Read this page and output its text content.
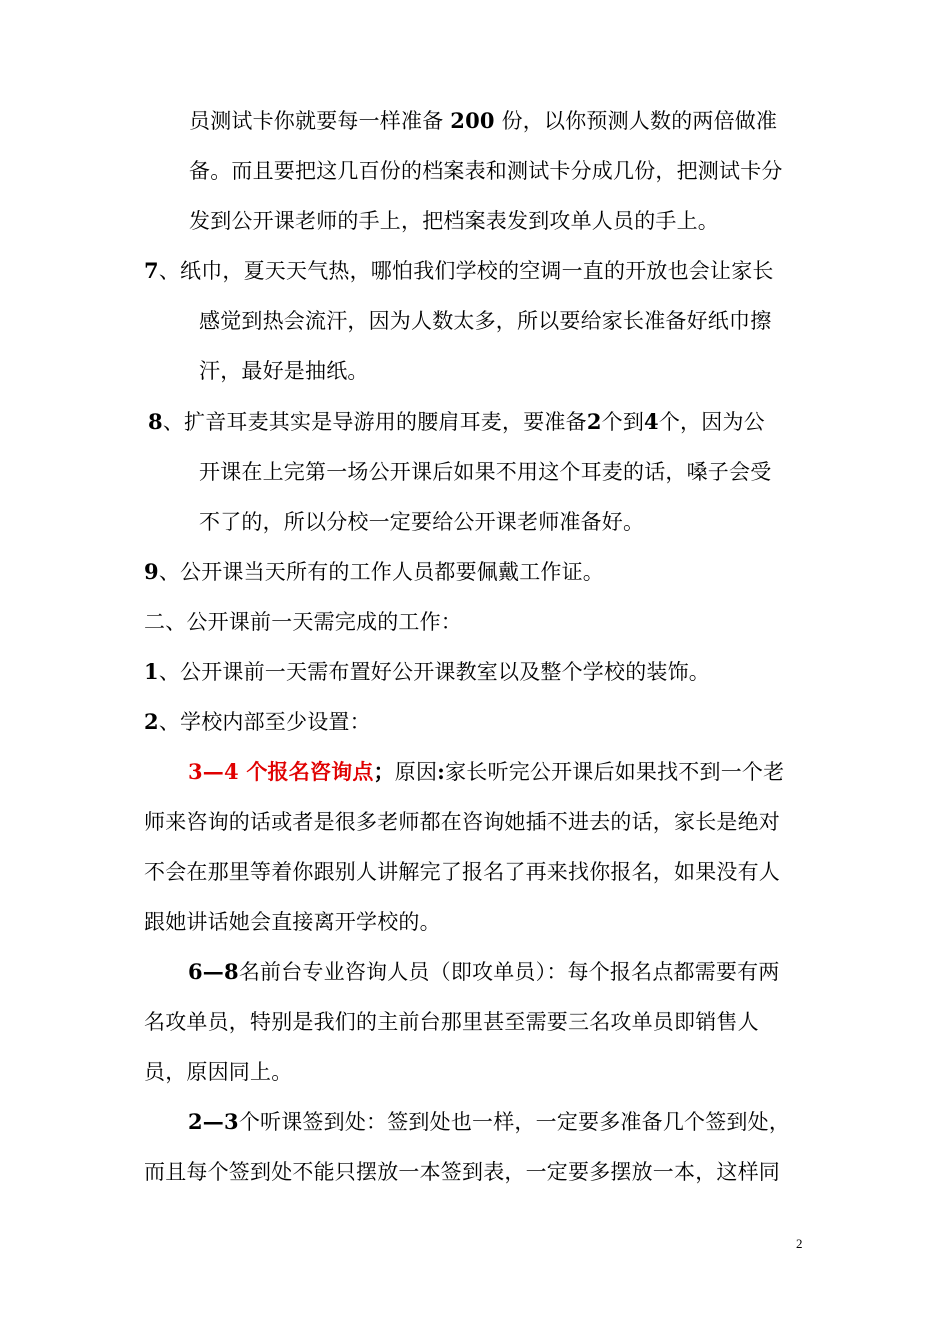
员测试卡你就要每一样准备 200 份，以你预测人数的两倍做准
备。而且要把这几百份的档案表和测试卡分成几份，把测试卡分
发到公开课老师的手上，把档案表发到攻单人员的手上。
7、纸巾，夏天天气热，哪怕我们学校的空调一直的开放也会让家长
感觉到热会流汗，因为人数太多，所以要给家长准备好纸巾擦
汗，最好是抽纸。
8、扩音耳麦其实是导游用的腰肩耳麦，要准备2个到4个，因为公
开课在上完第一场公开课后如果不用这个耳麦的话，嗓子会受
不了的，所以分校一定要给公开课老师准备好。
9、公开课当天所有的工作人员都要佩戴工作证。
二、公开课前一天需完成的工作：
1、公开课前一天需布置好公开课教室以及整个学校的装饰。
2、学校内部至少设置：
3—4 个报名咨询点；原因:家长听完公开课后如果找不到一个老
师来咨询的话或者是很多老师都在咨询她插不进去的话，家长是绝对
不会在那里等着你跟别人讲解完了报名了再来找你报名，如果没有人
跟她讲话她会直接离开学校的。
6—8名前台专业咨询人员（即攻单员）：每个报名点都需要有两
名攻单员，特别是我们的主前台那里甚至需要三名攻单员即销售人
员，原因同上。
2—3个听课签到处：签到处也一样，一定要多准备几个签到处，
而且每个签到处不能只摆放一本签到表，一定要多摆放一本，这样同
2
